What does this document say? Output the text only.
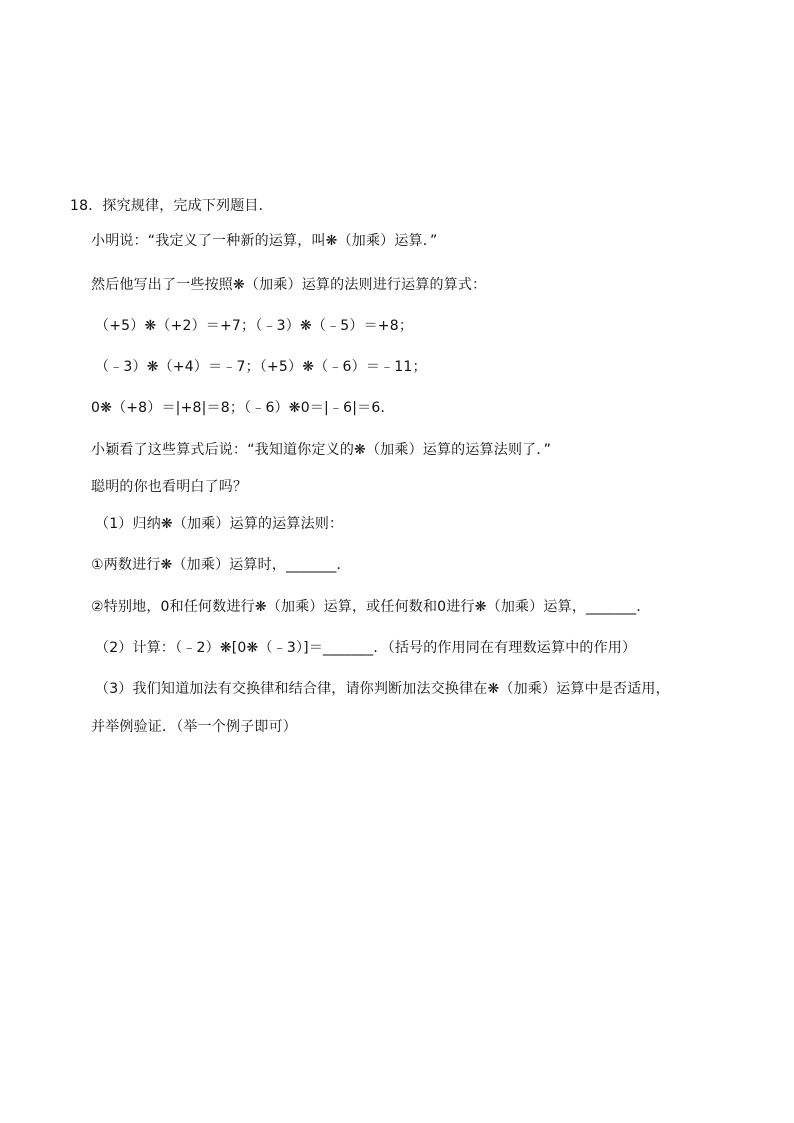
18．探究规律，完成下列题目．
小明说：“我定义了一种新的运算，叫❋（加乘）运算．”
然后他写出了一些按照❋（加乘）运算的法则进行运算的算式：
（+5）❋（+2）＝+7；（﹣3）❋（﹣5）＝+8；
（﹣3）❋（+4）＝﹣7；（+5）❋（﹣6）＝﹣11；
0❋（+8）＝|+8|＝8；（﹣6）❋0＝|﹣6|＝6．
小颖看了这些算式后说：“我知道你定义的❋（加乘）运算的运算法则了．”
聪明的你也看明白了吗？
（1）归纳❋（加乘）运算的运算法则：
①两数进行❋（加乘）运算时，_______．
②特别地，0和任何数进行❋（加乘）运算，或任何数和0进行❋（加乘）运算，_______．
（2）计算：（﹣2）❋[0❋（﹣3）]＝_______．（括号的作用同在有理数运算中的作用）
（3）我们知道加法有交换律和结合律，请你判断加法交换律在❋（加乘）运算中是否适用，
并举例验证．（举一个例子即可）
